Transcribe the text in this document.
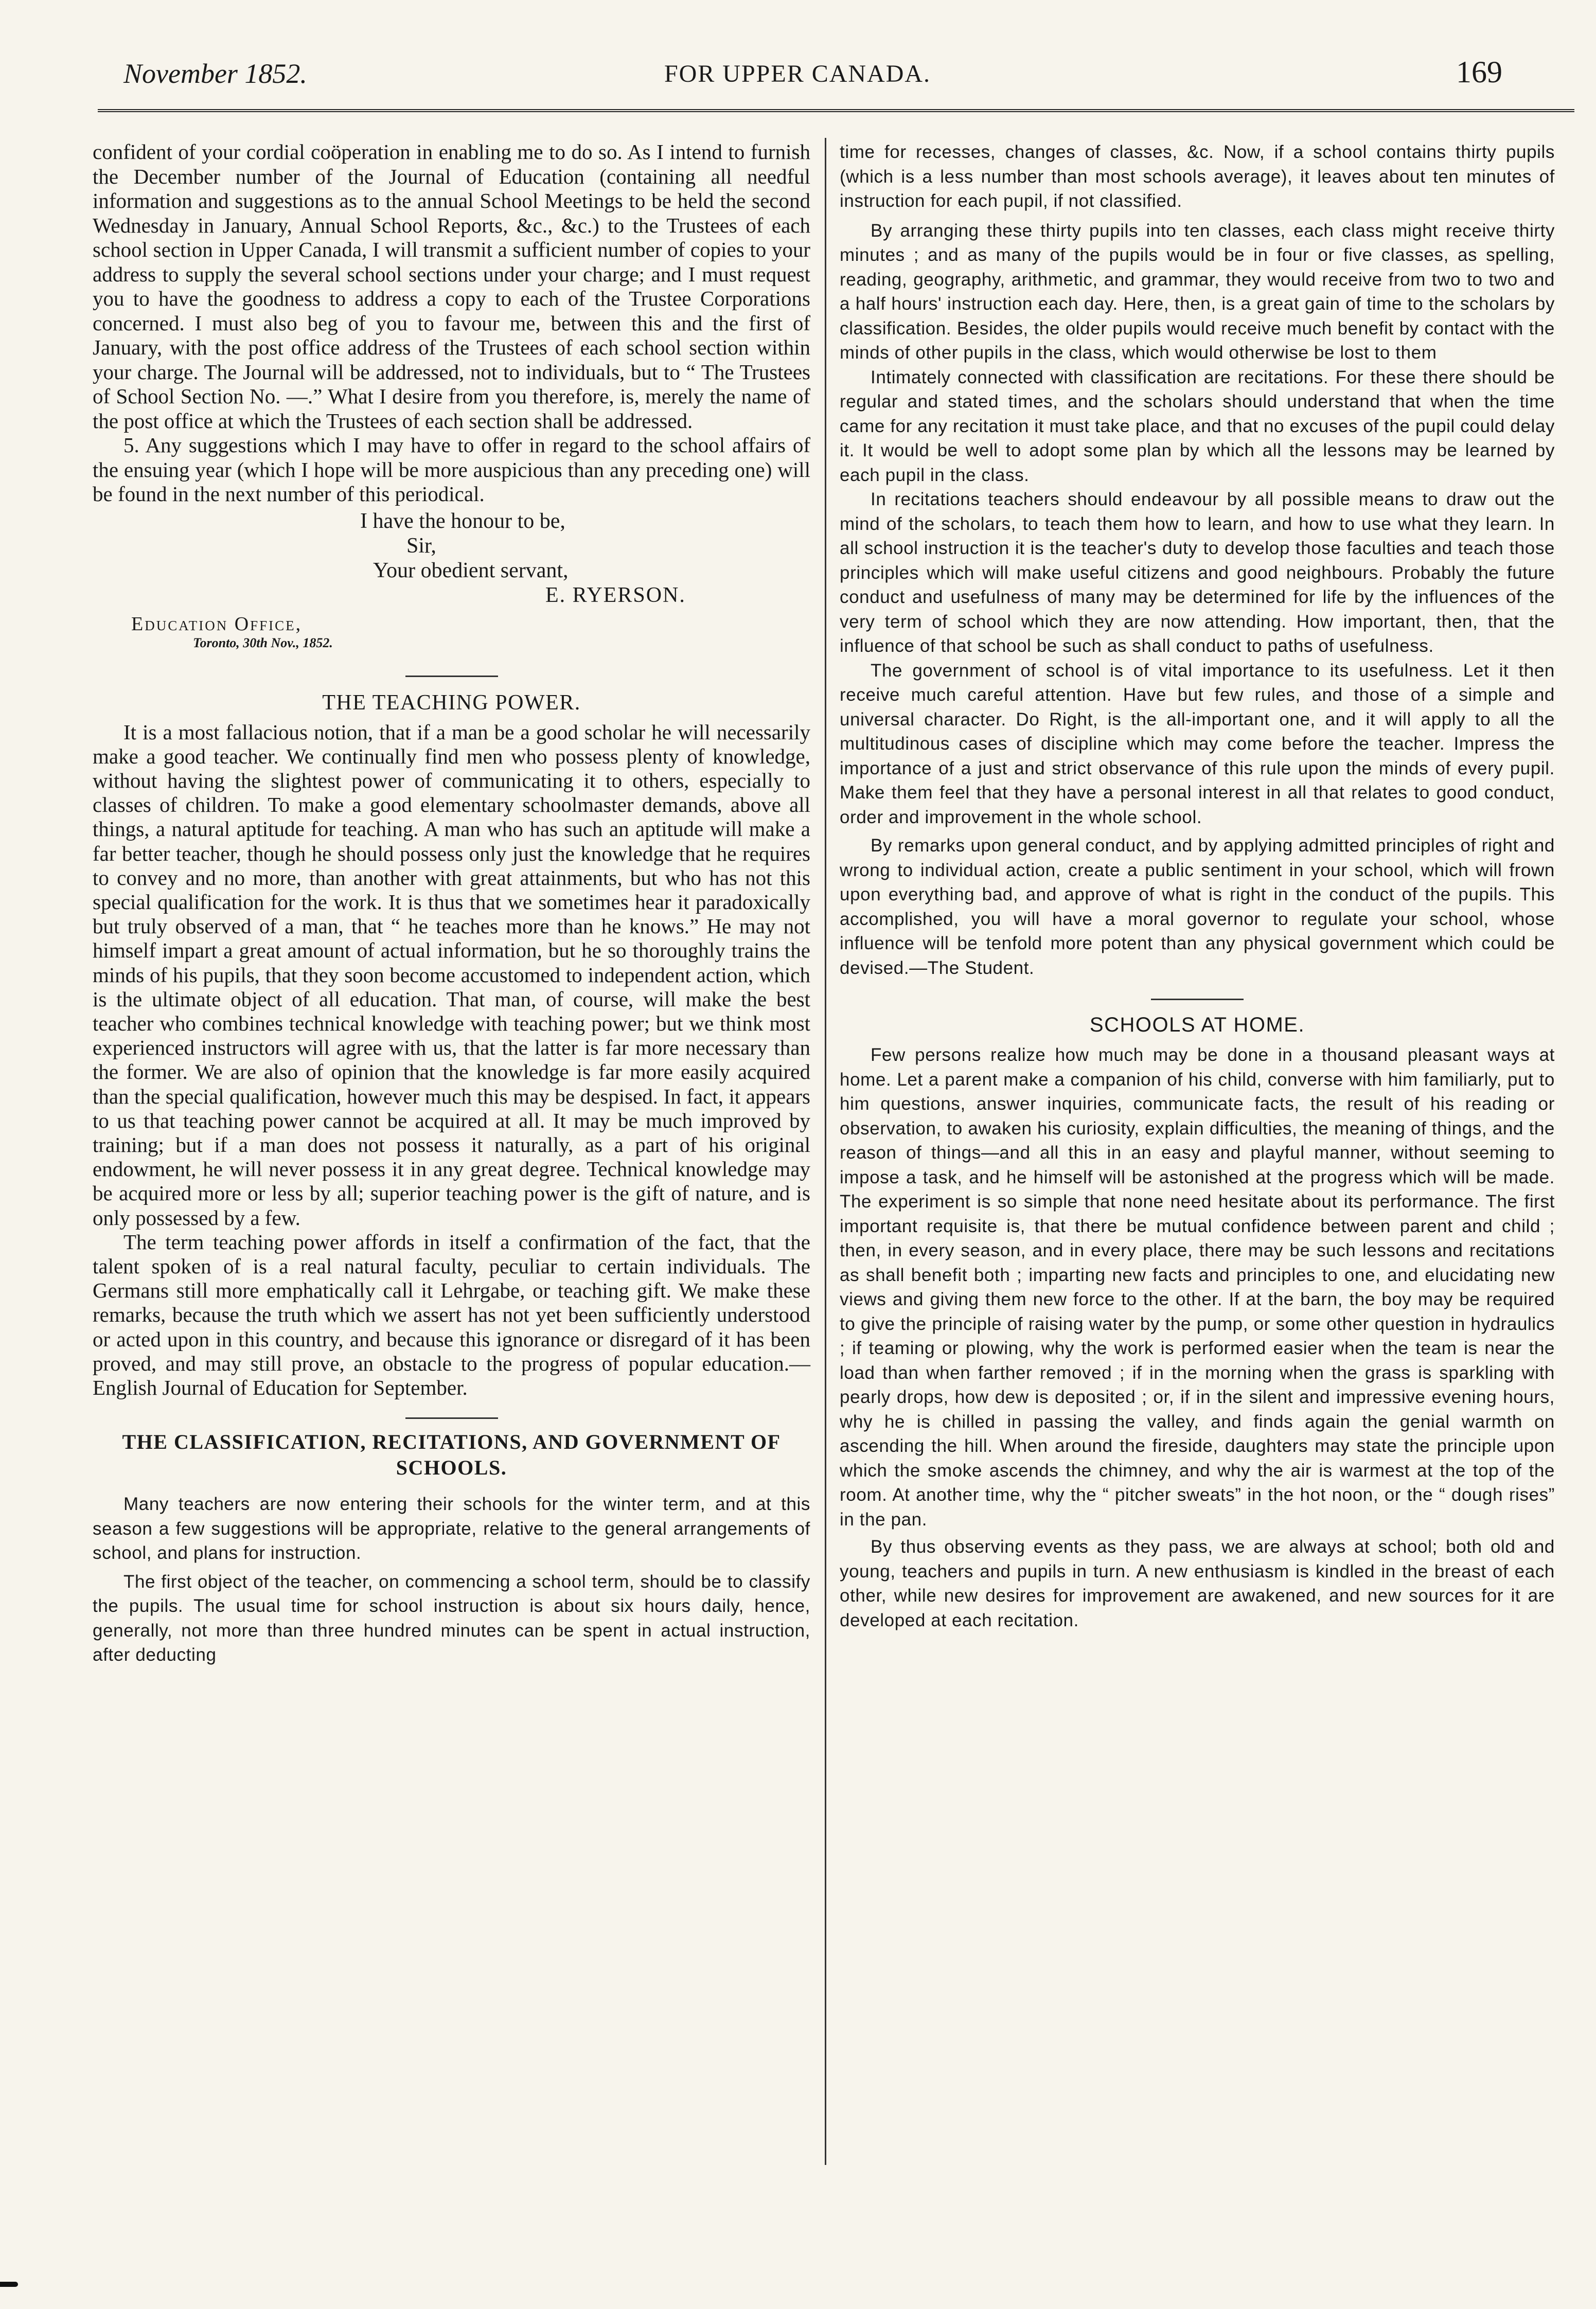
November 1852.	FOR UPPER CANADA.	169

confident of your cordial coöperation in enabling me to do so. As I intend to furnish the December number of the Journal of Education (containing all needful information and suggestions as to the annual School Meetings to be held the second Wednesday in January, Annual School Reports, &c., &c.) to the Trustees of each school section in Upper Canada, I will transmit a sufficient number of copies to your address to supply the several school sections under your charge; and I must request you to have the goodness to address a copy to each of the Trustee Corporations concerned. I must also beg of you to favour me, between this and the first of January, with the post office address of the Trustees of each school section within your charge. The Journal will be addressed, not to individuals, but to “ The Trustees of School Section No. —.” What I desire from you therefore, is, merely the name of the post office at which the Trustees of each section shall be addressed.

5. Any suggestions which I may have to offer in regard to the school affairs of the ensuing year (which I hope will be more auspicious than any preceding one) will be found in the next number of this periodical.

I have the honour to be,
Sir,
Your obedient servant,
E. RYERSON.
Education Office,
Toronto, 30th Nov., 1852.
THE TEACHING POWER.

It is a most fallacious notion, that if a man be a good scholar he will necessarily make a good teacher. We continually find men who possess plenty of knowledge, without having the slightest power of communicating it to others, especially to classes of children. To make a good elementary schoolmaster demands, above all things, a natural aptitude for teaching. A man who has such an aptitude will make a far better teacher, though he should possess only just the knowledge that he requires to convey and no more, than another with great attainments, but who has not this special qualification for the work. It is thus that we sometimes hear it paradoxically but truly observed of a man, that “ he teaches more than he knows.” He may not himself impart a great amount of actual information, but he so thoroughly trains the minds of his pupils, that they soon become accustomed to independent action, which is the ultimate object of all education. That man, of course, will make the best teacher who combines technical knowledge with teaching power; but we think most experienced instructors will agree with us, that the latter is far more necessary than the former. We are also of opinion that the knowledge is far more easily acquired than the special qualification, however much this may be despised. In fact, it appears to us that teaching power cannot be acquired at all. It may be much improved by training; but if a man does not possess it naturally, as a part of his original endowment, he will never possess it in any great degree. Technical knowledge may be acquired more or less by all; superior teaching power is the gift of nature, and is only possessed by a few.

The term teaching power affords in itself a confirmation of the fact, that the talent spoken of is a real natural faculty, peculiar to certain individuals. The Germans still more emphatically call it Lehrgabe, or teaching gift. We make these remarks, because the truth which we assert has not yet been sufficiently understood or acted upon in this country, and because this ignorance or disregard of it has been proved, and may still prove, an obstacle to the progress of popular education.—English Journal of Education for September.

THE CLASSIFICATION, RECITATIONS, AND GOVERNMENT OF SCHOOLS.

Many teachers are now entering their schools for the winter term, and at this season a few suggestions will be appropriate, relative to the general arrangements of school, and plans for instruction.

The first object of the teacher, on commencing a school term, should be to classify the pupils. The usual time for school instruction is about six hours daily, hence, generally, not more than three hundred minutes can be spent in actual instruction, after deducting

time for recesses, changes of classes, &c. Now, if a school contains thirty pupils (which is a less number than most schools average), it leaves about ten minutes of instruction for each pupil, if not classified.

By arranging these thirty pupils into ten classes, each class might receive thirty minutes ; and as many of the pupils would be in four or five classes, as spelling, reading, geography, arithmetic, and grammar, they would receive from two to two and a half hours' instruction each day. Here, then, is a great gain of time to the scholars by classification. Besides, the older pupils would receive much benefit by contact with the minds of other pupils in the class, which would otherwise be lost to them

Intimately connected with classification are recitations. For these there should be regular and stated times, and the scholars should understand that when the time came for any recitation it must take place, and that no excuses of the pupil could delay it. It would be well to adopt some plan by which all the lessons may be learned by each pupil in the class.

In recitations teachers should endeavour by all possible means to draw out the mind of the scholars, to teach them how to learn, and how to use what they learn. In all school instruction it is the teacher's duty to develop those faculties and teach those principles which will make useful citizens and good neighbours. Probably the future conduct and usefulness of many may be determined for life by the influences of the very term of school which they are now attending. How important, then, that the influence of that school be such as shall conduct to paths of usefulness.

The government of school is of vital importance to its usefulness. Let it then receive much careful attention. Have but few rules, and those of a simple and universal character. Do Right, is the all-important one, and it will apply to all the multitudinous cases of discipline which may come before the teacher. Impress the importance of a just and strict observance of this rule upon the minds of every pupil. Make them feel that they have a personal interest in all that relates to good conduct, order and improvement in the whole school.

By remarks upon general conduct, and by applying admitted principles of right and wrong to individual action, create a public sentiment in your school, which will frown upon everything bad, and approve of what is right in the conduct of the pupils. This accomplished, you will have a moral governor to regulate your school, whose influence will be tenfold more potent than any physical government which could be devised.—The Student.

SCHOOLS AT HOME.

Few persons realize how much may be done in a thousand pleasant ways at home. Let a parent make a companion of his child, converse with him familiarly, put to him questions, answer inquiries, communicate facts, the result of his reading or observation, to awaken his curiosity, explain difficulties, the meaning of things, and the reason of things—and all this in an easy and playful manner, without seeming to impose a task, and he himself will be astonished at the progress which will be made. The experiment is so simple that none need hesitate about its performance. The first important requisite is, that there be mutual confidence between parent and child ; then, in every season, and in every place, there may be such lessons and recitations as shall benefit both ; imparting new facts and principles to one, and elucidating new views and giving them new force to the other. If at the barn, the boy may be required to give the principle of raising water by the pump, or some other question in hydraulics ; if teaming or plowing, why the work is performed easier when the team is near the load than when farther removed ; if in the morning when the grass is sparkling with pearly drops, how dew is deposited ; or, if in the silent and impressive evening hours, why he is chilled in passing the valley, and finds again the genial warmth on ascending the hill. When around the fireside, daughters may state the principle upon which the smoke ascends the chimney, and why the air is warmest at the top of the room. At another time, why the “ pitcher sweats” in the hot noon, or the “ dough rises” in the pan.

By thus observing events as they pass, we are always at school; both old and young, teachers and pupils in turn. A new enthusiasm is kindled in the breast of each other, while new desires for improvement are awakened, and new sources for it are developed at each recitation.
